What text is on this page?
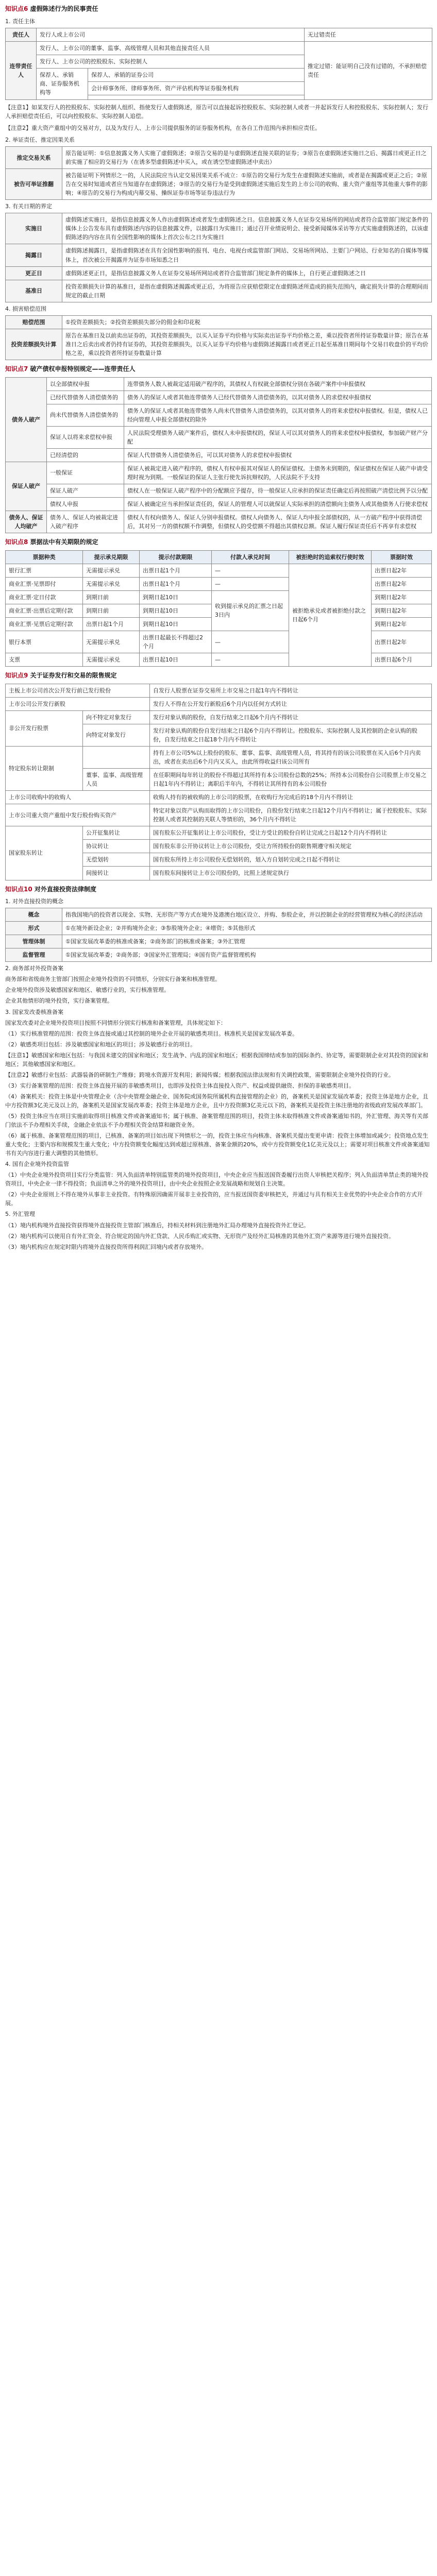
知识点6 虚假陈述行为的民事责任
1. 责任主体
责任人	发行人或上市公司		无过错责任
连带责任人	发行人、上市公司的董事、监事、高级管理人员和其他直接责任人员		推定过错：能证明自己没有过错的，不承担赔偿责任
	发行人、上市公司的控股股东、实际控制人		
	保荐人、承销商、证券服务机构等	保荐人、承销的证券公司	
		会计师事务所、律师事务所、资产评估机构等证券服务机构	

【注意1】如某发行人的控股股东、实际控制人组织、指使发行人虚假陈述，原告可以直接起诉控股股东、实际控制人或者一并起诉发行人和控股股东、实际控制人；发行人承担赔偿责任后，可以向控股股东、实际控制人追偿。
【注意2】重大资产重组中的交易对方，以及为发行人、上市公司提供服务的证券服务机构，在各自工作范围内承担相应责任。
2. 举证责任、推定因果关系
推定交易关系	原告能证明：①信息披露义务人实施了虚假陈述；②原告交易的是与虚假陈述直接关联的证券；③原告在虚假陈述实施日之后、揭露日或更正日之前实施了相应的交易行为（在诱多型虚假陈述中买入，或在诱空型虚假陈述中卖出）
被告可举证推翻	被告能证明下列情形之一的，人民法院应当认定交易因果关系不成立：①原告的交易行为发生在虚假陈述实施前，或者是在揭露或更正之后；②原告在交易时知道或者应当知道存在虚假陈述；③原告的交易行为是受到虚假陈述实施后发生的上市公司的收购、重大资产重组等其他重大事件的影响；④原告的交易行为构成内幕交易、操纵证券市场等证券违法行为
3. 有关日期的界定
实施日	虚假陈述实施日，是指信息披露义务人作出虚假陈述或者发生虚假陈述之日。信息披露义务人在证券交易场所的网站或者符合监管部门规定条件的媒体上公告发布具有虚假陈述内容的信息披露文件，以披露日为实施日；通过召开业绩说明会、接受新闻媒体采访等方式实施虚假陈述的，以该虚假陈述的内容在具有全国性影响的媒体上首次公布之日为实施日
揭露日	虚假陈述揭露日，是指虚假陈述在具有全国性影响的报刊、电台、电视台或监管部门网站、交易场所网站、主要门户网站、行业知名的自媒体等媒体上，首次被公开揭露并为证券市场知悉之日
更正日	虚假陈述更正日，是指信息披露义务人在证券交易场所网站或者符合监管部门规定条件的媒体上，自行更正虚假陈述之日
基准日	投资差额损失计算的基准日，是指在虚假陈述揭露或更正后，为将原告应获赔偿限定在虚假陈述所造成的损失范围内，确定损失计算的合理期间而规定的截止日期
4. 损害赔偿范围
赔偿范围	①投资差额损失；②投资差额损失部分的佣金和印花税
投资差额损失计算	原告在基准日及以前卖出证券的，其投资差额损失，以买入证券平均价格与实际卖出证券平均价格之差，乘以投资者所持证券数量计算；原告在基准日之后卖出或者仍持有证券的，其投资差额损失，以买入证券平均价格与虚假陈述揭露日或者更正日起至基准日期间每个交易日收盘价的平均价格之差，乘以投资者所持证券数量计算
知识点7 破产债权申报特别规定——连带责任人
债务人破产	以全部债权申报	连带债务人数人被裁定适用破产程序的，其债权人有权就全部债权分别在各破产案件中申报债权
	已经代替债务人清偿债务的	债务人的保证人或者其他连带债务人已经代替债务人清偿债务的，以其对债务人的求偿权申报债权
	尚未代替债务人清偿债务的	债务人的保证人或者其他连带债务人尚未代替债务人清偿债务的，以其对债务人的将来求偿权申报债权。但是，债权人已经向管理人申报全部债权的除外
	保证人以将来求偿权申报	人民法院受理债务人破产案件后，债权人未申报债权的，保证人可以其对债务人的将来求偿权申报债权，参加破产财产分配
	已经清偿的	保证人代替债务人清偿债务后，可以其对债务人的求偿权申报债权
保证人破产	一般保证	保证人被裁定进入破产程序的，债权人有权申报其对保证人的保证债权。主债务未到期的，保证债权在保证人破产申请受理时视为到期。一般保证的保证人主张行使先诉抗辩权的，人民法院不予支持
	保证人破产	债权人在一般保证人破产程序中的分配额应予提存，待一般保证人应承担的保证责任确定后再按照破产清偿比例予以分配
	债权人申报	保证人被确定应当承担保证责任的，保证人的管理人可以就保证人实际承担的清偿额向主债务人或其他债务人行使求偿权
债务人、保证人均破产	债务人、保证人均被裁定进入破产程序	债权人有权向债务人、保证人分别申报债权。债权人向债务人、保证人均申报全部债权的，从一方破产程序中获得清偿后，其对另一方的债权额不作调整，但债权人的受偿额不得超出其债权总额。保证人履行保证责任后不再享有求偿权
知识点8 票据法中有关期限的规定
票据种类	提示承兑期限	提示付款期限	付款人承兑时间	被拒绝时的追索权行使时效	票据时效
银行汇票	无需提示承兑	出票日起1个月	—	被拒绝承兑或者被拒绝付款之日起6个月	出票日起2年
商业汇票·见票即付	无需提示承兑	出票日起1个月	—		出票日起2年
商业汇票·定日付款	到期日前	到期日起10日	收到提示承兑的汇票之日起3日内		到期日起2年
商业汇票·出票后定期付款	到期日前	到期日起10日			到期日起2年
商业汇票·见票后定期付款	出票日起1个月	到期日起10日			到期日起2年
银行本票	无需提示承兑	出票日起最长不得超过2个月	—		出票日起2年
支票	无需提示承兑	出票日起10日	—		出票日起6个月
知识点9 关于证券发行和交易的限售规定
主板上市公司首次公开发行前已发行股份		自发行人股票在证券交易所上市交易之日起1年内不得转让
上市公司公开发行新股		发行人不得在公开发行新股后6个月内以任何方式转让
非公开发行股票	向不特定对象发行	发行对象认购的股份，自发行结束之日起6个月内不得转让
	向特定对象发行	发行对象认购的股份自发行结束之日起6个月内不得转让。控股股东、实际控制人及其控制的企业认购的股份，自发行结束之日起18个月内不得转让
特定股东转让限制		持有上市公司5%以上股份的股东、董事、监事、高级管理人员，将其持有的该公司股票在买入后6个月内卖出，或者在卖出后6个月内又买入，由此所得收益归该公司所有
	董事、监事、高级管理人员	在任职期间每年转让的股份不得超过其所持有本公司股份总数的25%；所持本公司股份自公司股票上市交易之日起1年内不得转让；离职后半年内，不得转让其所持有的本公司股份
上市公司收购中的收购人		收购人持有的被收购的上市公司的股票，在收购行为完成后的18个月内不得转让
上市公司重大资产重组中发行股份购买资产		特定对象以资产认购而取得的上市公司股份，自股份发行结束之日起12个月内不得转让；属于控股股东、实际控制人或者其控制的关联人等情形的，36个月内不得转让
国家股东转让	公开征集转让	国有股东公开征集转让上市公司股份，受让方受让的股份自转让完成之日起12个月内不得转让
	协议转让	国有股东非公开协议转让上市公司股份，受让方所持股份的限售期遵守相关规定
	无偿划转	国有股东所持上市公司股份无偿划转的，划入方自划转完成之日起不得转让
	间接转让	国有股东间接转让上市公司股份的，比照上述规定执行
知识点10 对外直接投资法律制度
1. 对外直接投资的概念
概念	指我国境内的投资者以现金、实物、无形资产等方式在境外及港澳台地区设立、并购、参股企业，并以控制企业的经营管理权为核心的经济活动
形式	①在境外新设企业；②并购境外企业；③参股境外企业；④增资；⑤其他形式
管理体制	①国家发展改革委的核准或备案；②商务部门的核准或备案；③外汇管理
监督管理	①国家发展改革委；②商务部；③国家外汇管理局；④国有资产监督管理机构
2. 商务部对外投资备案
商务部和省级商务主管部门按照企业境外投资的不同情形，分别实行备案和核准管理。
企业境外投资涉及敏感国家和地区、敏感行业的，实行核准管理。
企业其他情形的境外投资，实行备案管理。
3. 国家发改委核准备案
国家发改委对企业境外投资项目按照不同情形分别实行核准和备案管理，具体规定如下：
（1）实行核准管理的范围：投资主体直接或通过其控制的境外企业开展的敏感类项目。核准机关是国家发展改革委。
（2）敏感类项目包括：涉及敏感国家和地区的项目；涉及敏感行业的项目。
【注意1】敏感国家和地区包括：与我国未建交的国家和地区；发生战争、内乱的国家和地区；根据我国缔结或参加的国际条约、协定等，需要限制企业对其投资的国家和地区；其他敏感国家和地区。
【注意2】敏感行业包括：武器装备的研制生产维修；跨境水资源开发利用；新闻传媒；根据我国法律法规和有关调控政策，需要限制企业境外投资的行业。
（3）实行备案管理的范围：投资主体直接开展的非敏感类项目，也即涉及投资主体直接投入资产、权益或提供融资、担保的非敏感类项目。
（4）备案机关：投资主体是中央管理企业（含中央管理金融企业、国务院或国务院所属机构直接管理的企业）的，备案机关是国家发展改革委；投资主体是地方企业，且中方投资额3亿美元及以上的，备案机关是国家发展改革委；投资主体是地方企业，且中方投资额3亿美元以下的，备案机关是投资主体注册地的省级政府发展改革部门。
（5）投资主体应当在项目实施前取得项目核准文件或备案通知书；属于核准、备案管理范围的项目，投资主体未取得核准文件或备案通知书的，外汇管理、海关等有关部门依法不予办理相关手续，金融企业依法不予办理相关资金结算和融资业务。
（6）属于核准、备案管理范围的项目，已核准、备案的项目如出现下列情形之一的，投资主体应当向核准、备案机关提出变更申请：投资主体增加或减少；投资地点发生重大变化；主要内容和规模发生重大变化；中方投资额变化幅度达到或超过原核准、备案金额的20%，或中方投资额变化1亿美元及以上；需要对项目核准文件或备案通知书有关内容进行重大调整的其他情形。
4. 国有企业境外投资监管
（1）中央企业境外投资项目实行分类监管：列入负面清单特别监管类的境外投资项目，中央企业应当报送国资委履行出资人审核把关程序；列入负面清单禁止类的境外投资项目，中央企业一律不得投资；负面清单之外的境外投资项目，由中央企业按照企业发展战略和规划自主决策。
（2）中央企业原则上不得在境外从事非主业投资。有特殊原因确需开展非主业投资的，应当报送国资委审核把关，并通过与具有相关主业优势的中央企业合作的方式开展。
5. 外汇管理
（1）境内机构境外直接投资获得境外直接投资主管部门核准后，持相关材料到注册地外汇局办理境外直接投资外汇登记。
（2）境内机构可以使用自有外汇资金、符合规定的国内外汇贷款、人民币购汇或实物、无形资产及经外汇局核准的其他外汇资产来源等进行境外直接投资。
（3）境内机构应在规定时限内将境外直接投资所得利润汇回境内或者存放境外。
